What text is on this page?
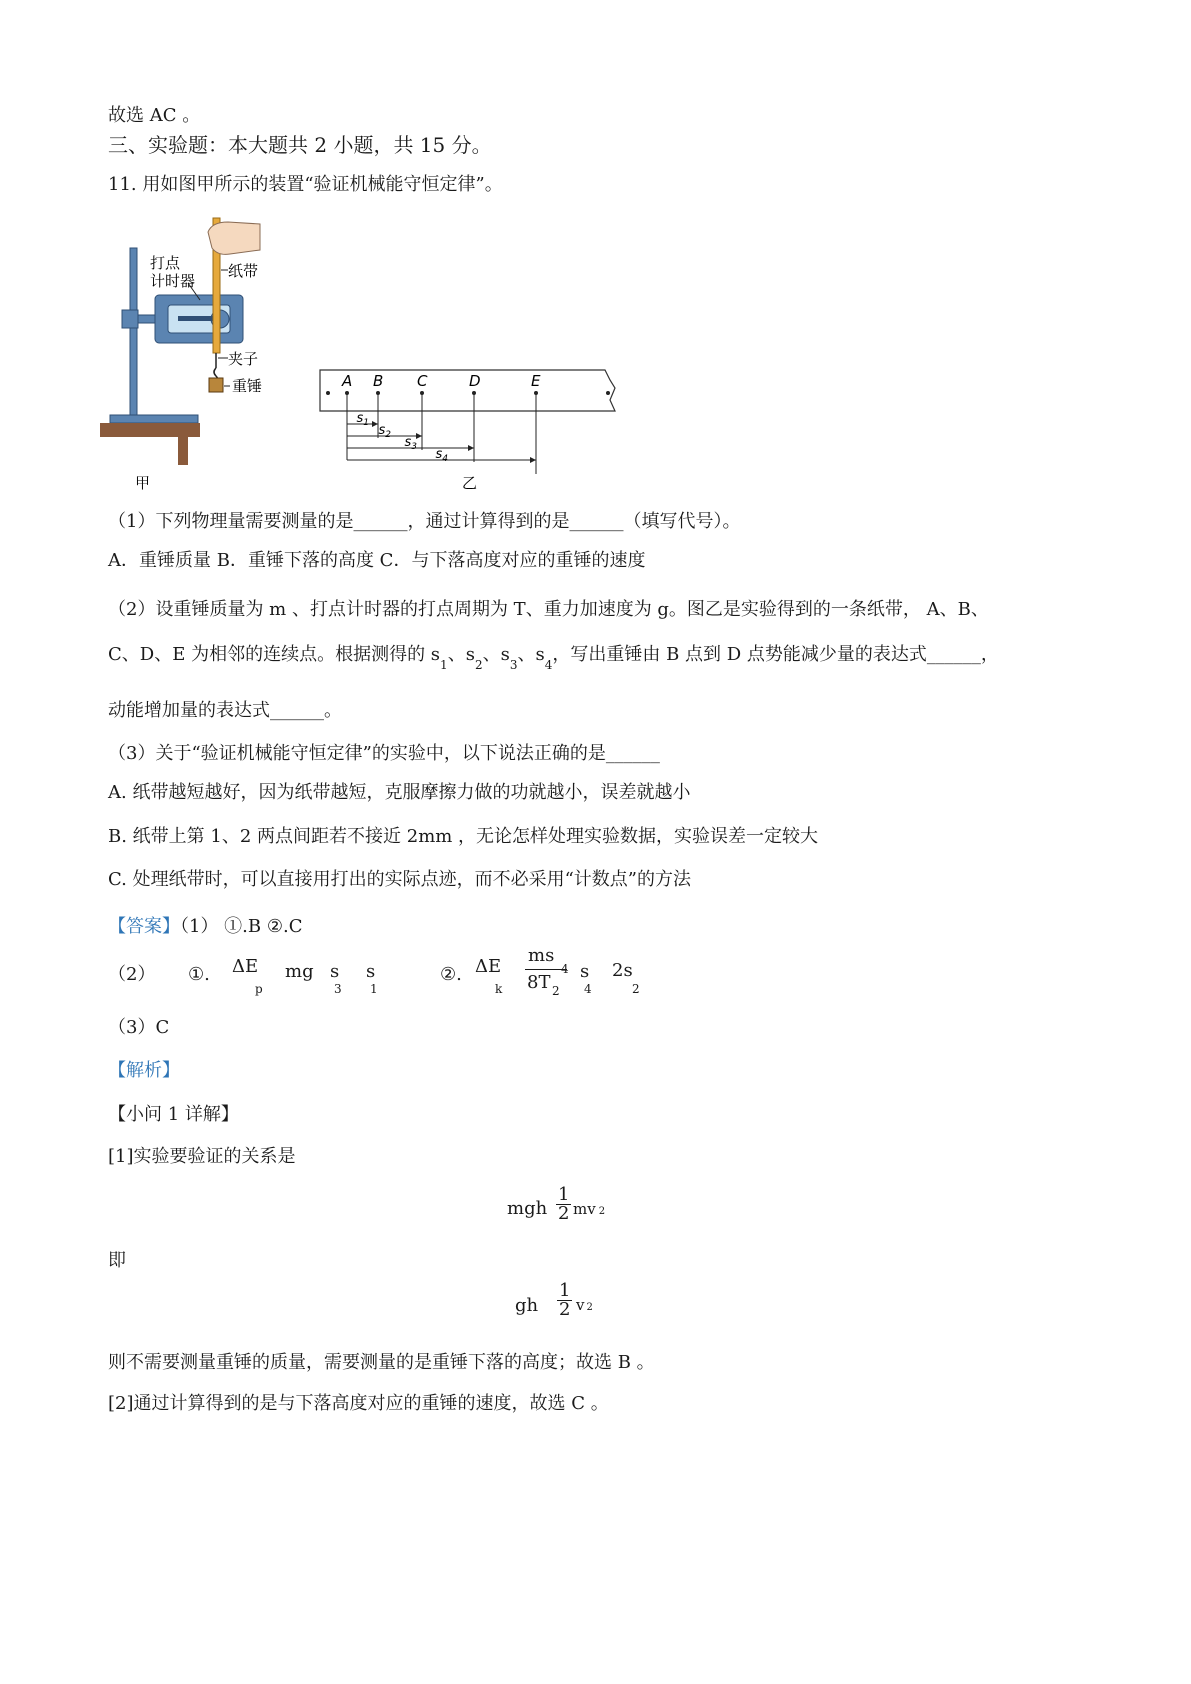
故选 AC 。
三、实验题：本大题共 2 小题，共 15 分。
11. 用如图甲所示的装置“验证机械能守恒定律”。
打点
计时器
纸带
夹子
重锤
甲
A B C	D	E
$s_1$ $s_2$ $s_3$ $s_4$
乙
（1）下列物理量需要测量的是______，通过计算得到的是______（填写代号）。
A．重锤质量 B．重锤下落的高度 C．与下落高度对应的重锤的速度
（2）设重锤质量为 m 、打点计时器的打点周期为 T、重力加速度为 g。图乙是实验得到的一条纸带， A、B、
C、D、E 为相邻的连续点。根据测得的 $s_1$、$s_2$、$s_3$、$s_4$，写出重锤由 B 点到 D 点势能减少量的表达式______，
动能增加量的表达式______。
（3）关于“验证机械能守恒定律”的实验中，以下说法正确的是______
A. 纸带越短越好，因为纸带越短，克服摩擦力做的功就越小，误差就越小
B. 纸带上第 1、2 两点间距若不接近 2mm ，无论怎样处理实验数据，实验误差一定较大
C. 处理纸带时，可以直接用打出的实际点迹，而不必采用“计数点”的方法
【答案】（1） ①.B ②.C
（2） ①. ΔE
p
mg s
3
s
1
②. ΔE
k
ms
4
8T 2
s
4
2s
2
（3）C
【解析】
【小问 1 详解】
[1]实验要验证的关系是
mgh $\frac{1}{2}$ mv 2
即
gh $\frac{1}{2}$ v 2
则不需要测量重锤的质量，需要测量的是重锤下落的高度；故选 B 。
[2]通过计算得到的是与下落高度对应的重锤的速度，故选 C 。
